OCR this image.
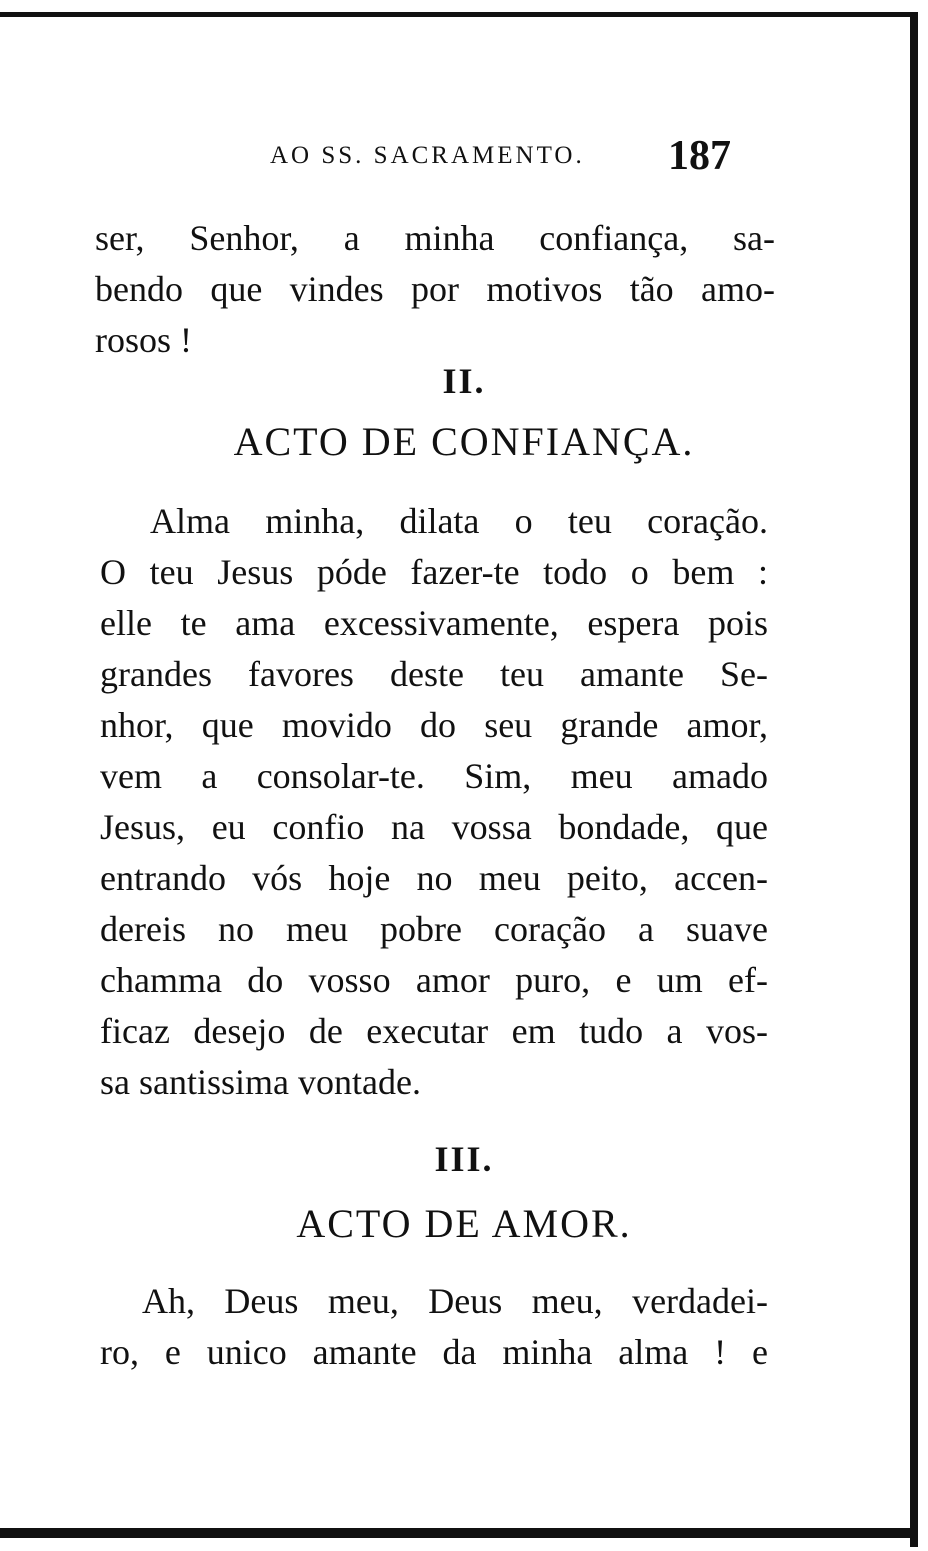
AO SS. SACRAMENTO. 187
ser, Senhor, a minha confiança, sa-
bendo que vindes por motivos tão amo-
rosos !
II.
ACTO DE CONFIANÇA.
Alma minha, dilata o teu coração.
O teu Jesus póde fazer-te todo o bem :
elle te ama excessivamente, espera pois
grandes favores deste teu amante Se-
nhor, que movido do seu grande amor,
vem a consolar-te. Sim, meu amado
Jesus, eu confio na vossa bondade, que
entrando vós hoje no meu peito, accen-
dereis no meu pobre coração a suave
chamma do vosso amor puro, e um ef-
ficaz desejo de executar em tudo a vos-
sa santissima vontade.
III.
ACTO DE AMOR.
Ah, Deus meu, Deus meu, verdadei-
ro, e unico amante da minha alma ! e
